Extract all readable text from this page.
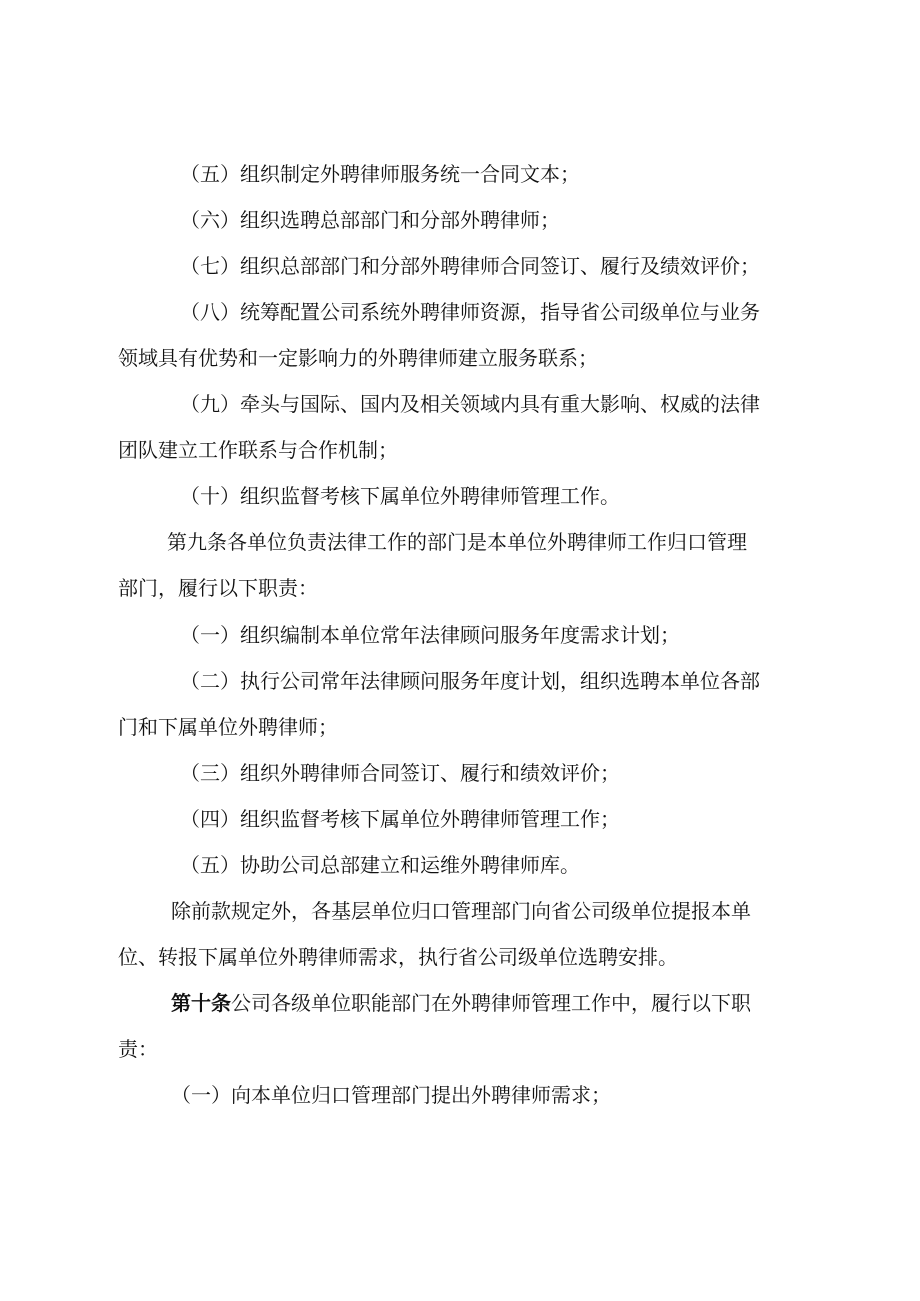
（五）组织制定外聘律师服务统一合同文本；
（六）组织选聘总部部门和分部外聘律师；
（七）组织总部部门和分部外聘律师合同签订、履行及绩效评价；
（八）统筹配置公司系统外聘律师资源，指导省公司级单位与业务
领域具有优势和一定影响力的外聘律师建立服务联系；
（九）牵头与国际、国内及相关领域内具有重大影响、权威的法律
团队建立工作联系与合作机制；
（十）组织监督考核下属单位外聘律师管理工作。
第九条各单位负责法律工作的部门是本单位外聘律师工作归口管理
部门，履行以下职责：
（一）组织编制本单位常年法律顾问服务年度需求计划；
（二）执行公司常年法律顾问服务年度计划，组织选聘本单位各部
门和下属单位外聘律师；
（三）组织外聘律师合同签订、履行和绩效评价；
（四）组织监督考核下属单位外聘律师管理工作；
（五）协助公司总部建立和运维外聘律师库。
除前款规定外，各基层单位归口管理部门向省公司级单位提报本单
位、转报下属单位外聘律师需求，执行省公司级单位选聘安排。
第十条公司各级单位职能部门在外聘律师管理工作中，履行以下职
责：
（一）向本单位归口管理部门提出外聘律师需求；
